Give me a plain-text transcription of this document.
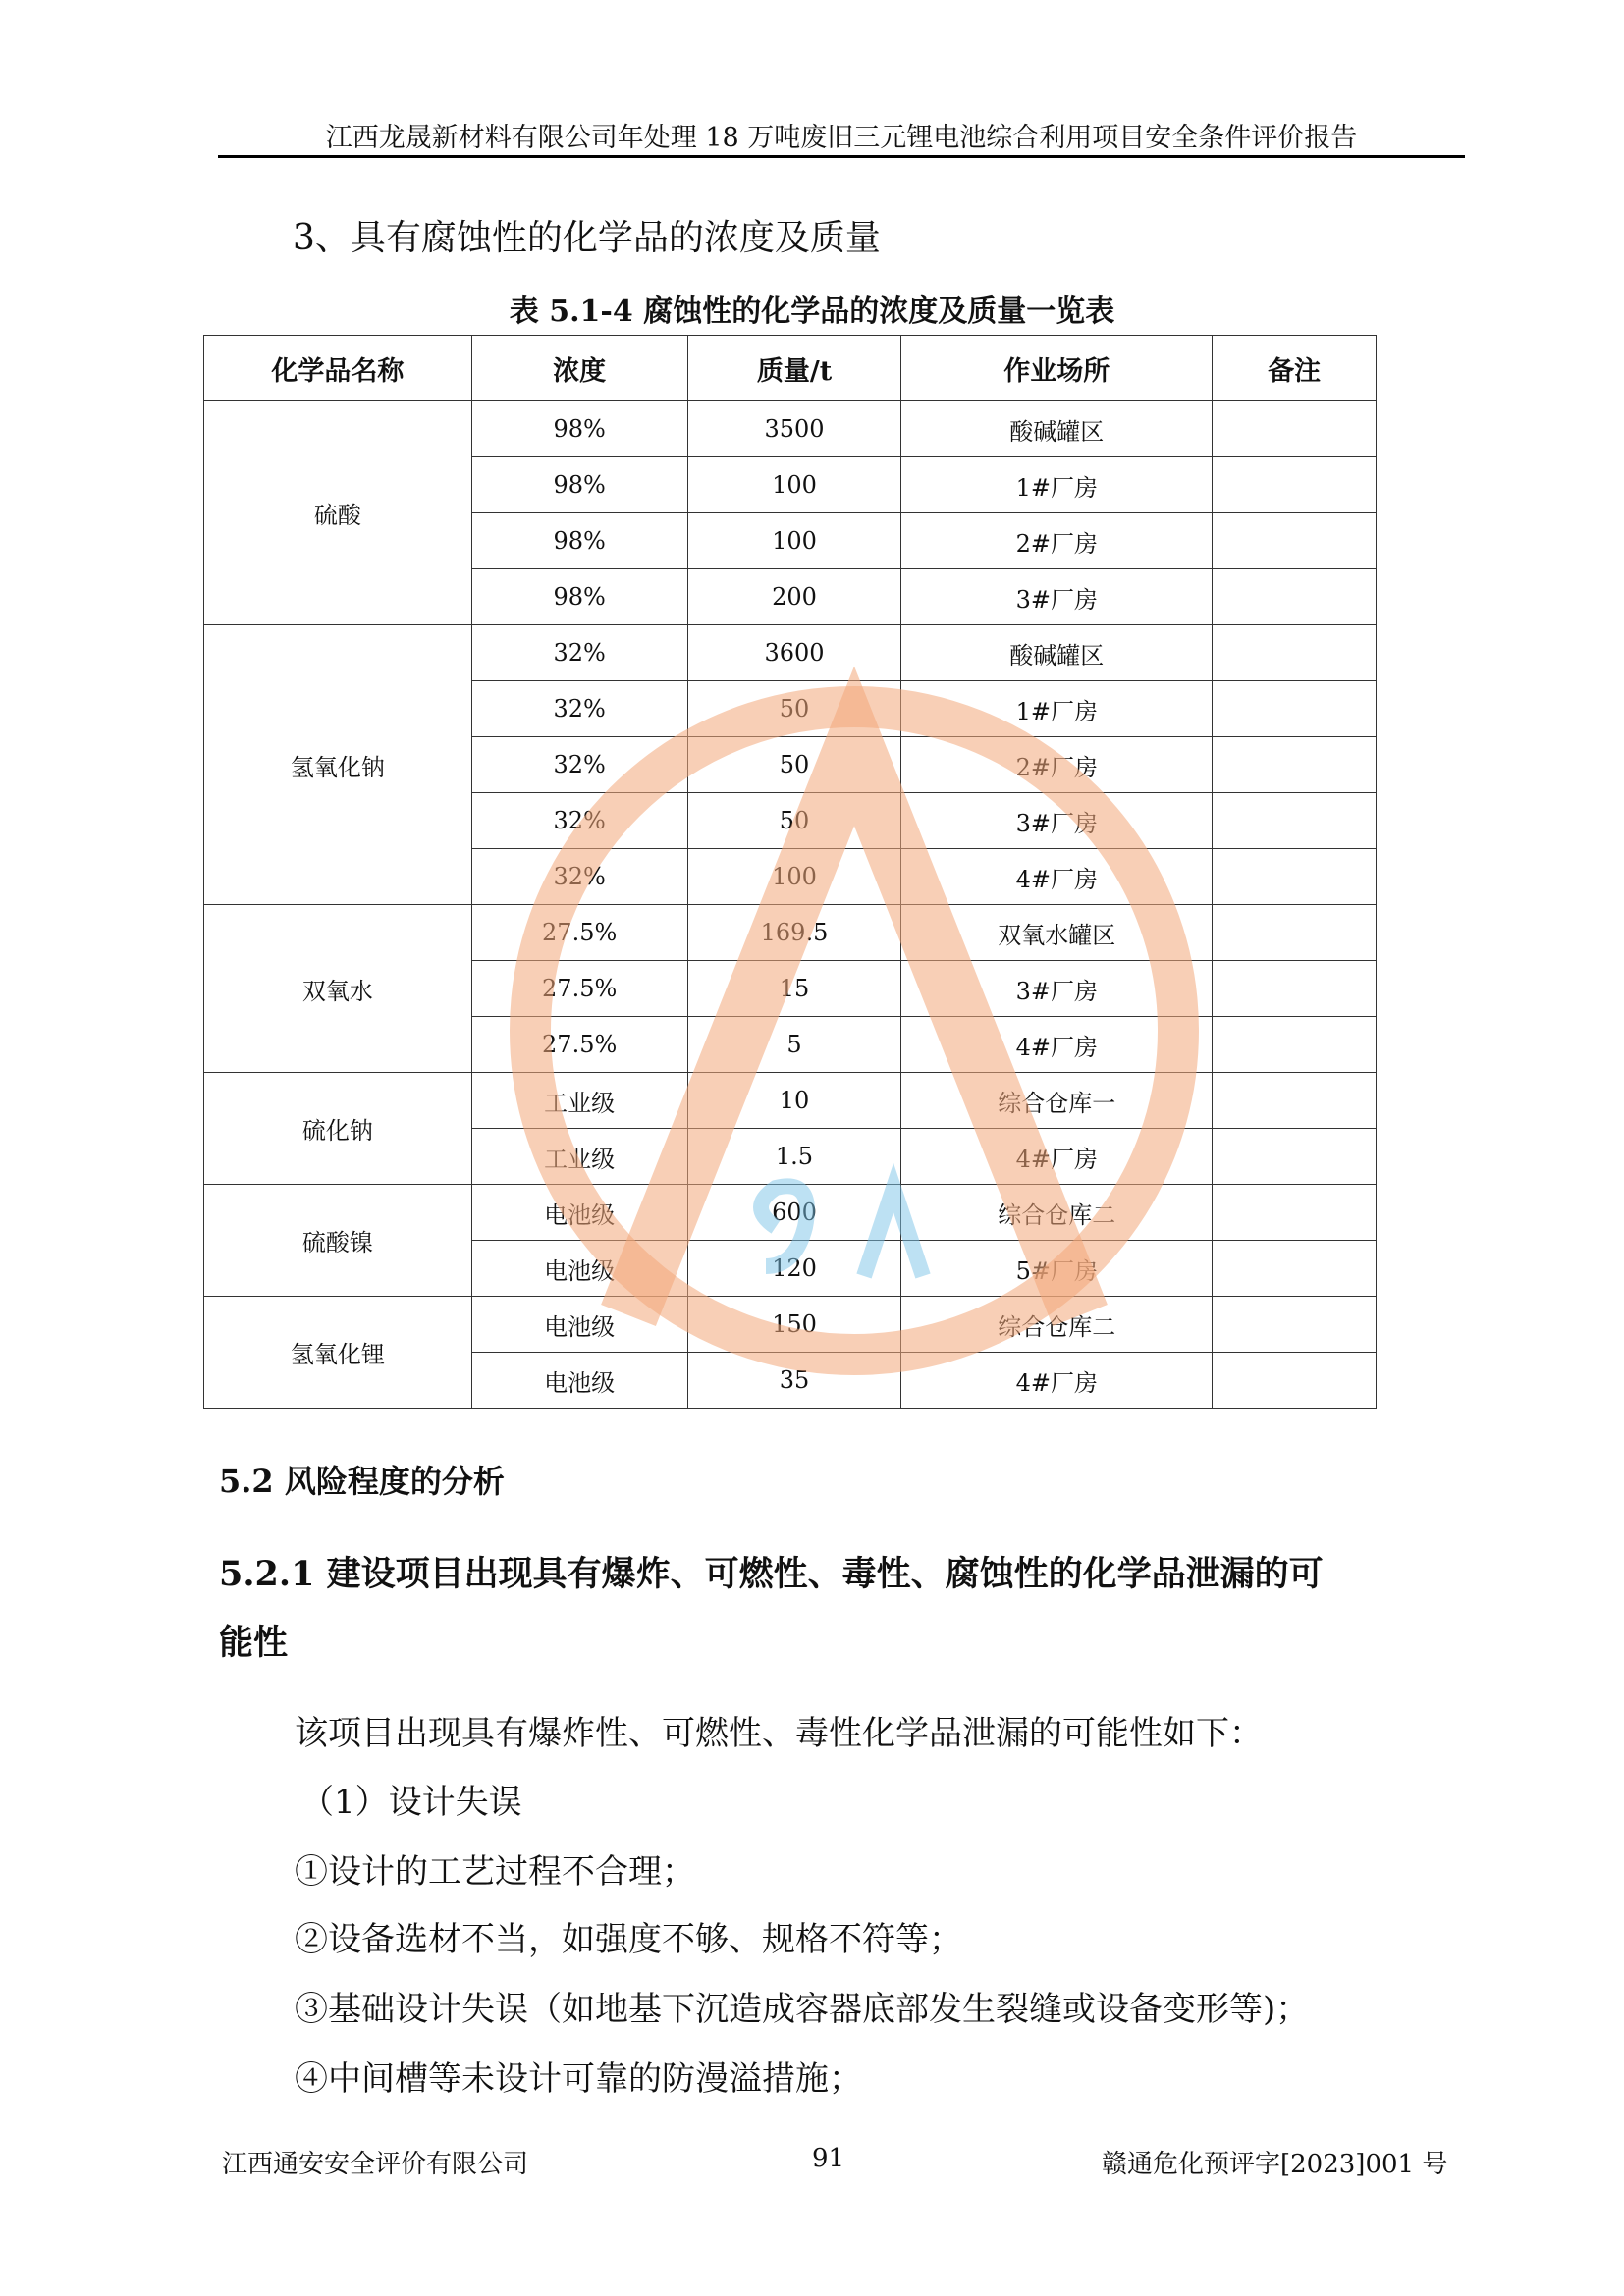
江西龙晟新材料有限公司年处理 18 万吨废旧三元锂电池综合利用项目安全条件评价报告
3、具有腐蚀性的化学品的浓度及质量
表 5.1-4 腐蚀性的化学品的浓度及质量一览表
化学品名称	浓度	质量/t	作业场所	备注
硫酸	98%	3500	酸碱罐区	
	98%	100	1#厂房	
	98%	100	2#厂房	
	98%	200	3#厂房	
氢氧化钠	32%	3600	酸碱罐区	
	32%	50	1#厂房	
	32%	50	2#厂房	
	32%	50	3#厂房	
	32%	100	4#厂房	
双氧水	27.5%	169.5	双氧水罐区	
	27.5%	15	3#厂房	
	27.5%	5	4#厂房	
硫化钠	工业级	10	综合仓库一	
	工业级	1.5	4#厂房	
硫酸镍	电池级	600	综合仓库二	
	电池级	120	5#厂房	
氢氧化锂	电池级	150	综合仓库二	
	电池级	35	4#厂房	
5.2 风险程度的分析
5.2.1 建设项目出现具有爆炸、可燃性、毒性、腐蚀性的化学品泄漏的可
能性
该项目出现具有爆炸性、可燃性、毒性化学品泄漏的可能性如下：
（1）设计失误
①设计的工艺过程不合理；
②设备选材不当，如强度不够、规格不符等；
③基础设计失误（如地基下沉造成容器底部发生裂缝或设备变形等)；
④中间槽等未设计可靠的防漫溢措施；
江西通安安全评价有限公司	91	赣通危化预评字[2023]001 号
